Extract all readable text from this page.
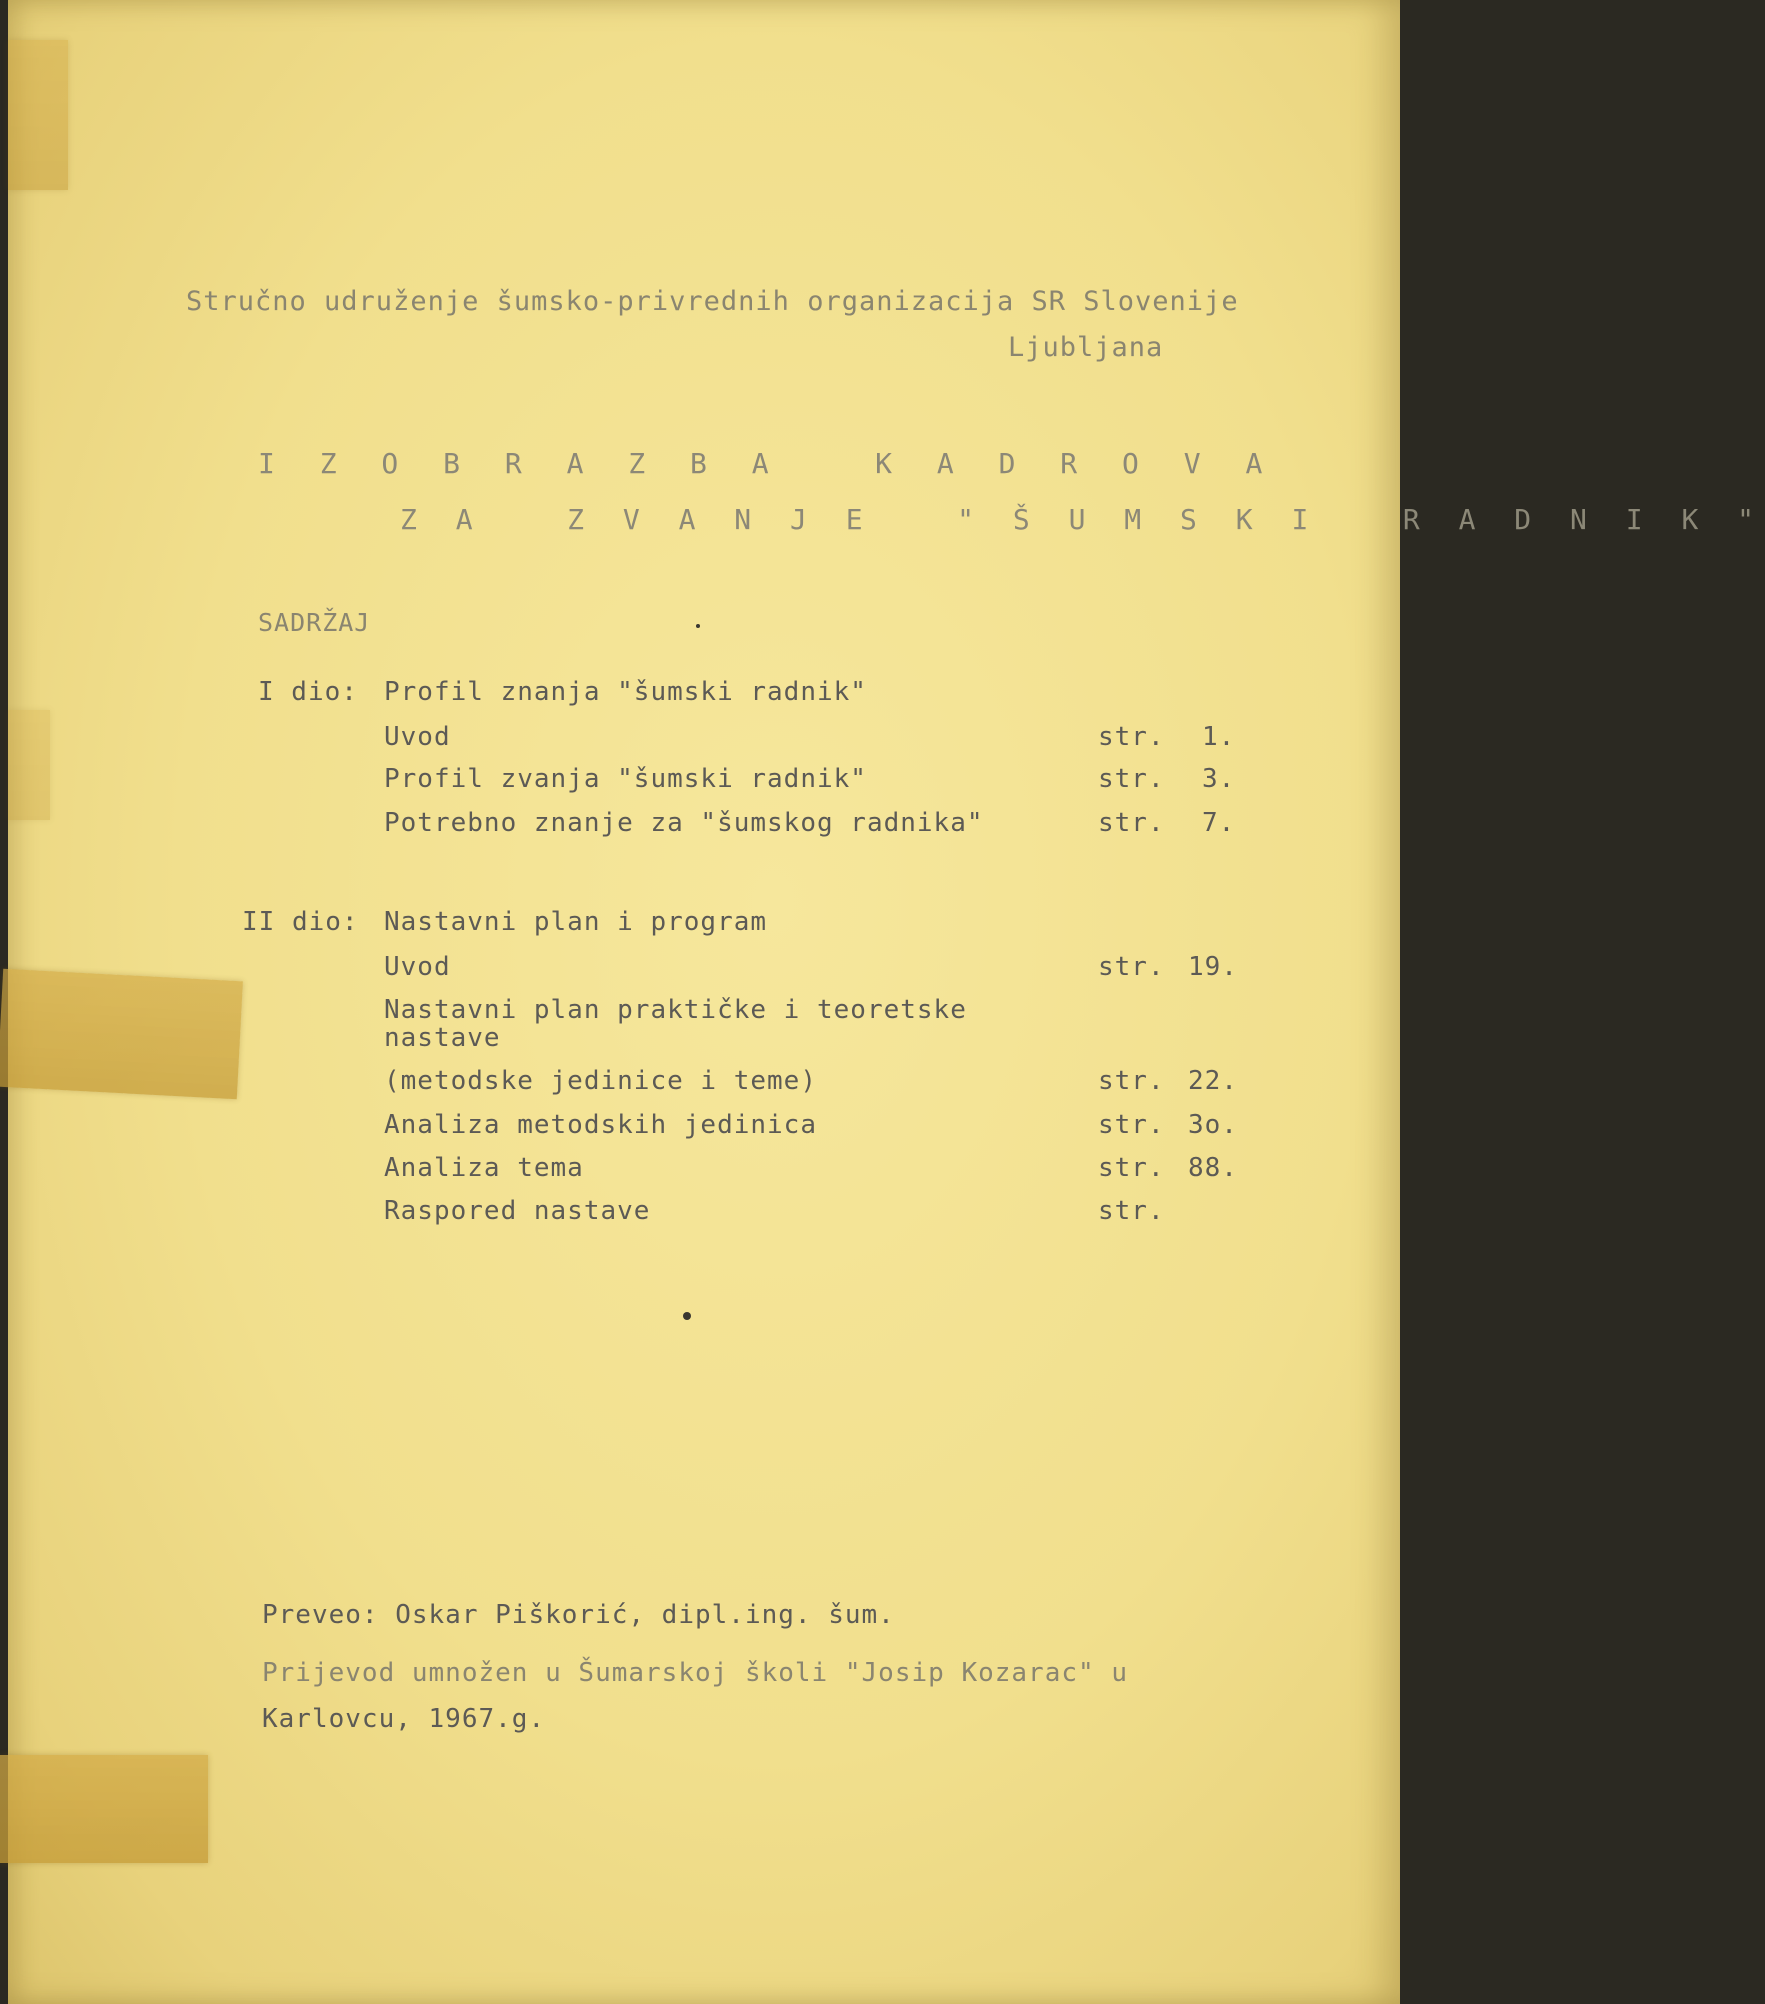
Stručno udruženje šumsko-privrednih organizacija SR Slovenije
Ljubljana
I Z O B R A Z B A   K A D R O V A
Z A   Z V A N J E   " Š U M S K I   R A D N I K "
SADRŽAJ
I dio: Profil znanja "šumski radnik"
Uvod	str. 1.
Profil zvanja "šumski radnik"	str. 3.
Potrebno znanje za "šumskog radnika"	str. 7.
II dio: Nastavni plan i program
Uvod	str. 19.
Nastavni plan praktičke i teoretske
nastave
(metodske jedinice i teme)	str. 22.
Analiza metodskih jedinica	str. 3o.
Analiza tema	str. 88.
Raspored nastave	str.
Preveo: Oskar Piškorić, dipl.ing. šum.
Prijevod umnožen u Šumarskoj školi "Josip Kozarac" u
Karlovcu, 1967.g.
